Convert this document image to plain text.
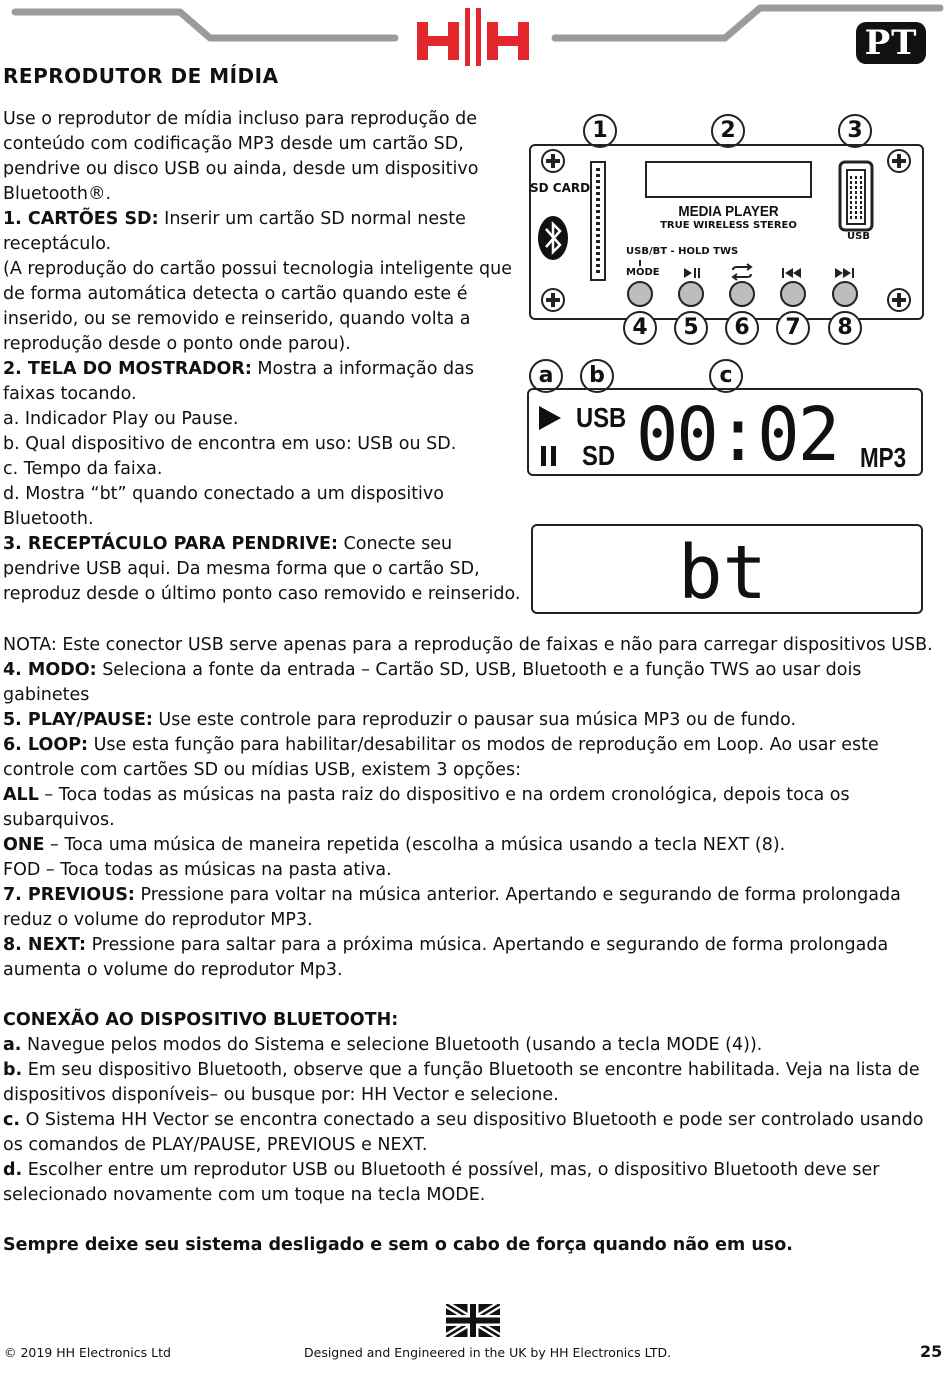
PT
REPRODUTOR DE MÍDIA

Use o reprodutor de mídia incluso para reprodução de conteúdo com codificação MP3 desde um cartão SD, pendrive ou disco USB ou ainda, desde um dispositivo Bluetooth®.

1. CARTÕES SD: Inserir um cartão SD normal neste receptáculo.

(A reprodução do cartão possui tecnologia inteligente que de forma automática detecta o cartão quando este é inserido, ou se removido e reinserido, quando volta a reprodução desde o ponto onde parou).

2. TELA DO MOSTRADOR: Mostra a informação das faixas tocando.

a. Indicador Play ou Pause.

b. Qual dispositivo de encontra em uso: USB ou SD.

c. Tempo da faixa.

d. Mostra “bt” quando conectado a um dispositivo Bluetooth.

3. RECEPTÁCULO PARA PENDRIVE: Conecte seu pendrive USB aqui. Da mesma forma que o cartão SD, reproduz desde o último ponto caso removido e reinserido.

1	2	3
SD CARD
MEDIA PLAYER
TRUE WIRELESS STEREO
USB
USB/BT - HOLD TWS
MODE
4	5	6	7	8
a	b	c
USB
SD 00:02 MP3
bt

NOTA: Este conector USB serve apenas para a reprodução de faixas e não para carregar dispositivos USB.

4. MODO: Seleciona a fonte da entrada – Cartão SD, USB, Bluetooth e a função TWS ao usar dois gabinetes

5. PLAY/PAUSE: Use este controle para reproduzir o pausar sua música MP3 ou de fundo.

6. LOOP: Use esta função para habilitar/desabilitar os modos de reprodução em Loop. Ao usar este controle com cartões SD ou mídias USB, existem 3 opções:

ALL – Toca todas as músicas na pasta raiz do dispositivo e na ordem cronológica, depois toca os subarquivos.

ONE – Toca uma música de maneira repetida (escolha a música usando a tecla NEXT (8).

FOD – Toca todas as músicas na pasta ativa.

7. PREVIOUS: Pressione para voltar na música anterior. Apertando e segurando de forma prolongada reduz o volume do reprodutor MP3.

8. NEXT: Pressione para saltar para a próxima música. Apertando e segurando de forma prolongada aumenta o volume do reprodutor Mp3.

CONEXÃO AO DISPOSITIVO BLUETOOTH:

a. Navegue pelos modos do Sistema e selecione Bluetooth (usando a tecla MODE (4)).

b. Em seu dispositivo Bluetooth, observe que a função Bluetooth se encontre habilitada. Veja na lista de dispositivos disponíveis– ou busque por: HH Vector e selecione.

c. O Sistema HH Vector se encontra conectado a seu dispositivo Bluetooth e pode ser controlado usando os comandos de PLAY/PAUSE, PREVIOUS e NEXT.

d. Escolher entre um reprodutor USB ou Bluetooth é possível, mas, o dispositivo Bluetooth deve ser selecionado novamente com um toque na tecla MODE.

Sempre deixe seu sistema desligado e sem o cabo de força quando não em uso.

© 2019 HH Electronics Ltd	Designed and Engineered in the UK by HH Electronics LTD.	25
